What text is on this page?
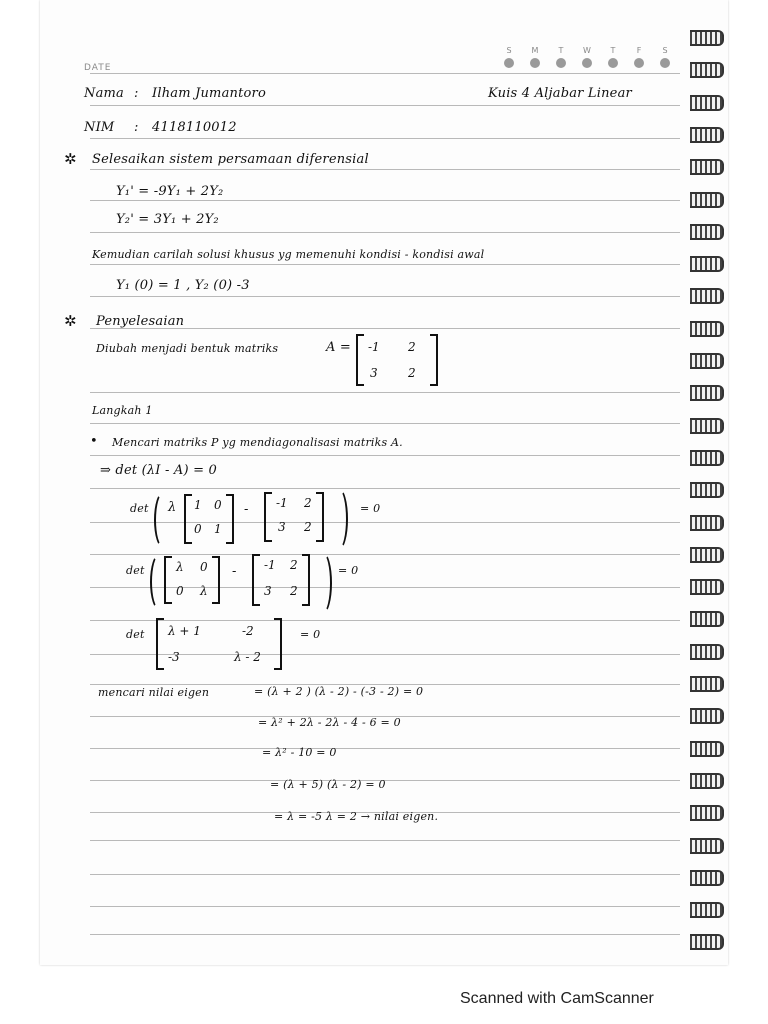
DATE
S	M	T	W	T	F	S
Nama : Ilham Jumantoro	Kuis 4 Aljabar Linear
NIM : 4118110012
✲ Selesaikan sistem persamaan diferensial
Y₁' = -9Y₁ + 2Y₂
Y₂' = 3Y₁ + 2Y₂
Kemudian carilah solusi khusus yg memenuhi kondisi - kondisi awal
Y₁ (0) = 1 , Y₂ (0) -3
✲ Penyelesaian
Diubah menjadi bentuk matriks	A = -1 2
3	2
Langkah 1
• Mencari matriks P yg mendiagonalisasi matriks A.
⇒ det (λI - A) = 0
det λ 1 0
0 1
- -1 2
3 2
= 0
det	λ 0
0 λ
- -1 2
3 2
= 0
det λ + 1	-2
-3	λ - 2
= 0
mencari nilai eigen	= (λ + 2 ) (λ - 2) - (-3 - 2) = 0
= λ² + 2λ - 2λ - 4 - 6 = 0
= λ² - 10 = 0
= (λ + 5) (λ - 2) = 0
= λ = -5 λ = 2 → nilai eigen.
Scanned with CamScanner
